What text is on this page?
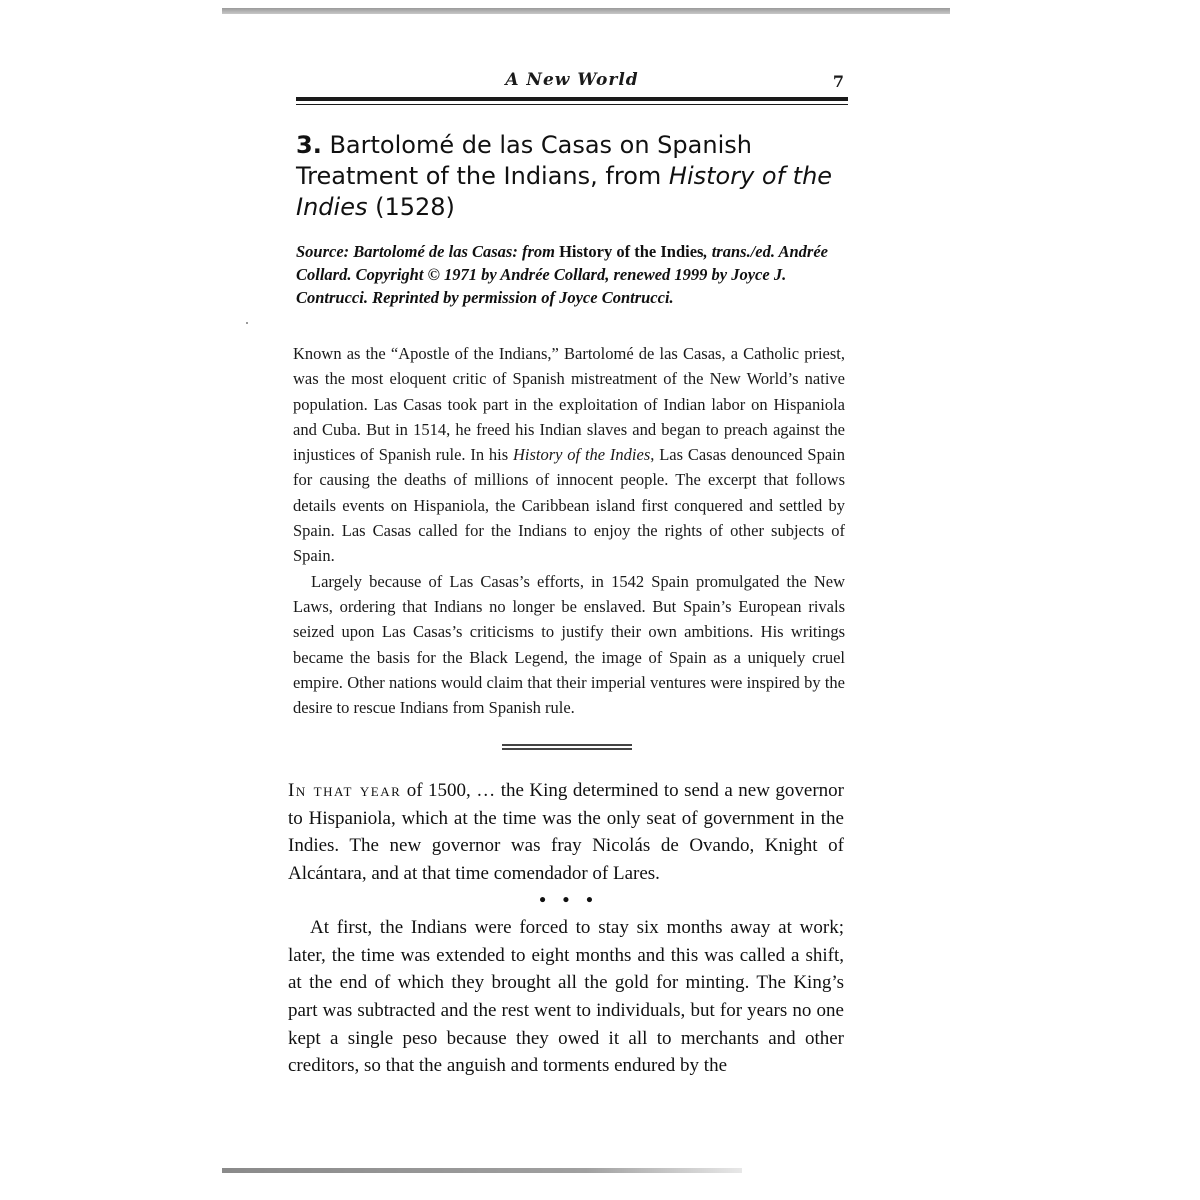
A New World	7
3. Bartolomé de las Casas on Spanish Treatment of the Indians, from History of the Indies (1528)

Source: Bartolomé de las Casas: from History of the Indies, trans./ed. Andrée Collard. Copyright © 1971 by Andrée Collard, renewed 1999 by Joyce J. Contrucci. Reprinted by permission of Joyce Contrucci.

Known as the “Apostle of the Indians,” Bartolomé de las Casas, a Catholic priest, was the most eloquent critic of Spanish mistreatment of the New World’s native population. Las Casas took part in the exploitation of Indian labor on Hispaniola and Cuba. But in 1514, he freed his Indian slaves and began to preach against the injustices of Spanish rule. In his History of the Indies, Las Casas denounced Spain for causing the deaths of millions of innocent people. The excerpt that follows details events on Hispaniola, the Caribbean island first conquered and settled by Spain. Las Casas called for the Indians to enjoy the rights of other subjects of Spain.

Largely because of Las Casas’s efforts, in 1542 Spain promulgated the New Laws, ordering that Indians no longer be enslaved. But Spain’s European rivals seized upon Las Casas’s criticisms to justify their own ambitions. His writings became the basis for the Black Legend, the image of Spain as a uniquely cruel empire. Other nations would claim that their imperial ventures were inspired by the desire to rescue Indians from Spanish rule.

In that year of 1500, … the King determined to send a new governor to Hispaniola, which at the time was the only seat of government in the Indies. The new governor was fray Nicolás de Ovando, Knight of Alcántara, and at that time comendador of Lares.

• • •

At first, the Indians were forced to stay six months away at work; later, the time was extended to eight months and this was called a shift, at the end of which they brought all the gold for minting. The King’s part was subtracted and the rest went to individuals, but for years no one kept a single peso because they owed it all to merchants and other creditors, so that the anguish and torments endured by the
